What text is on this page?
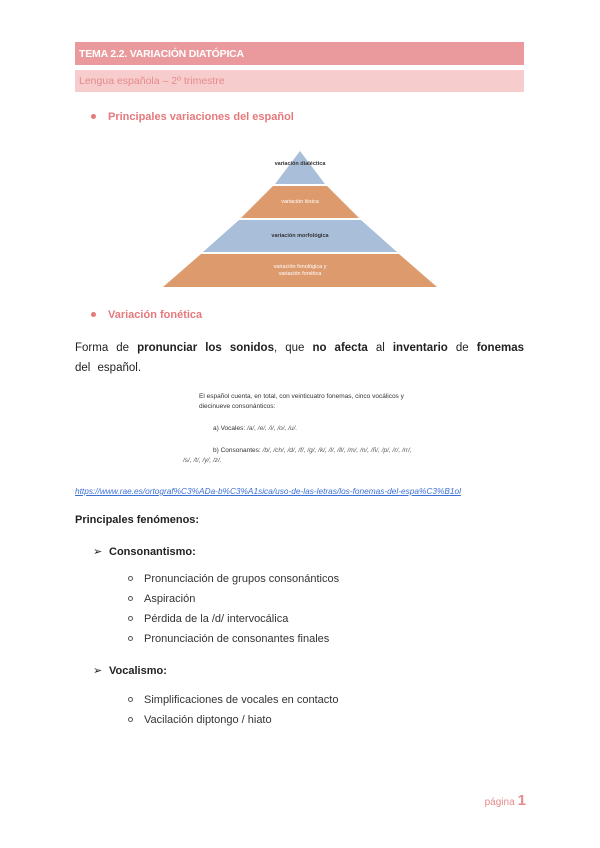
TEMA 2.2. VARIACIÓN DIATÓPICA
Lengua española – 2º trimestre
Principales variaciones del español
variación dialéctica
variación léxica
variación morfológica
variación fonológica y variación fonética
Variación fonética

Forma de pronunciar los sonidos, que no afecta al inventario de fonemas del español.

El español cuenta, en total, con veinticuatro fonemas, cinco vocálicos y diecinueve consonánticos:
a) Vocales: /a/, /e/, /i/, /o/, /u/.
b) Consonantes: /b/, /ch/, /d/, /f/, /g/, /k/, /l/, /ll/, /m/, /n/, /ñ/, /p/, /r/, /rr/, /s/, /t/, /y/, /z/.
https://www.rae.es/ortograf%C3%ADa-b%C3%A1sica/uso-de-las-letras/los-fonemas-del-espa%C3%B1ol
Principales fenómenos:
➢ Consonantismo:
Pronunciación de grupos consonánticos
Aspiración
Pérdida de la /d/ intervocálica
Pronunciación de consonantes finales
➢ Vocalismo:
Simplificaciones de vocales en contacto
Vacilación diptongo / hiato
página 1
